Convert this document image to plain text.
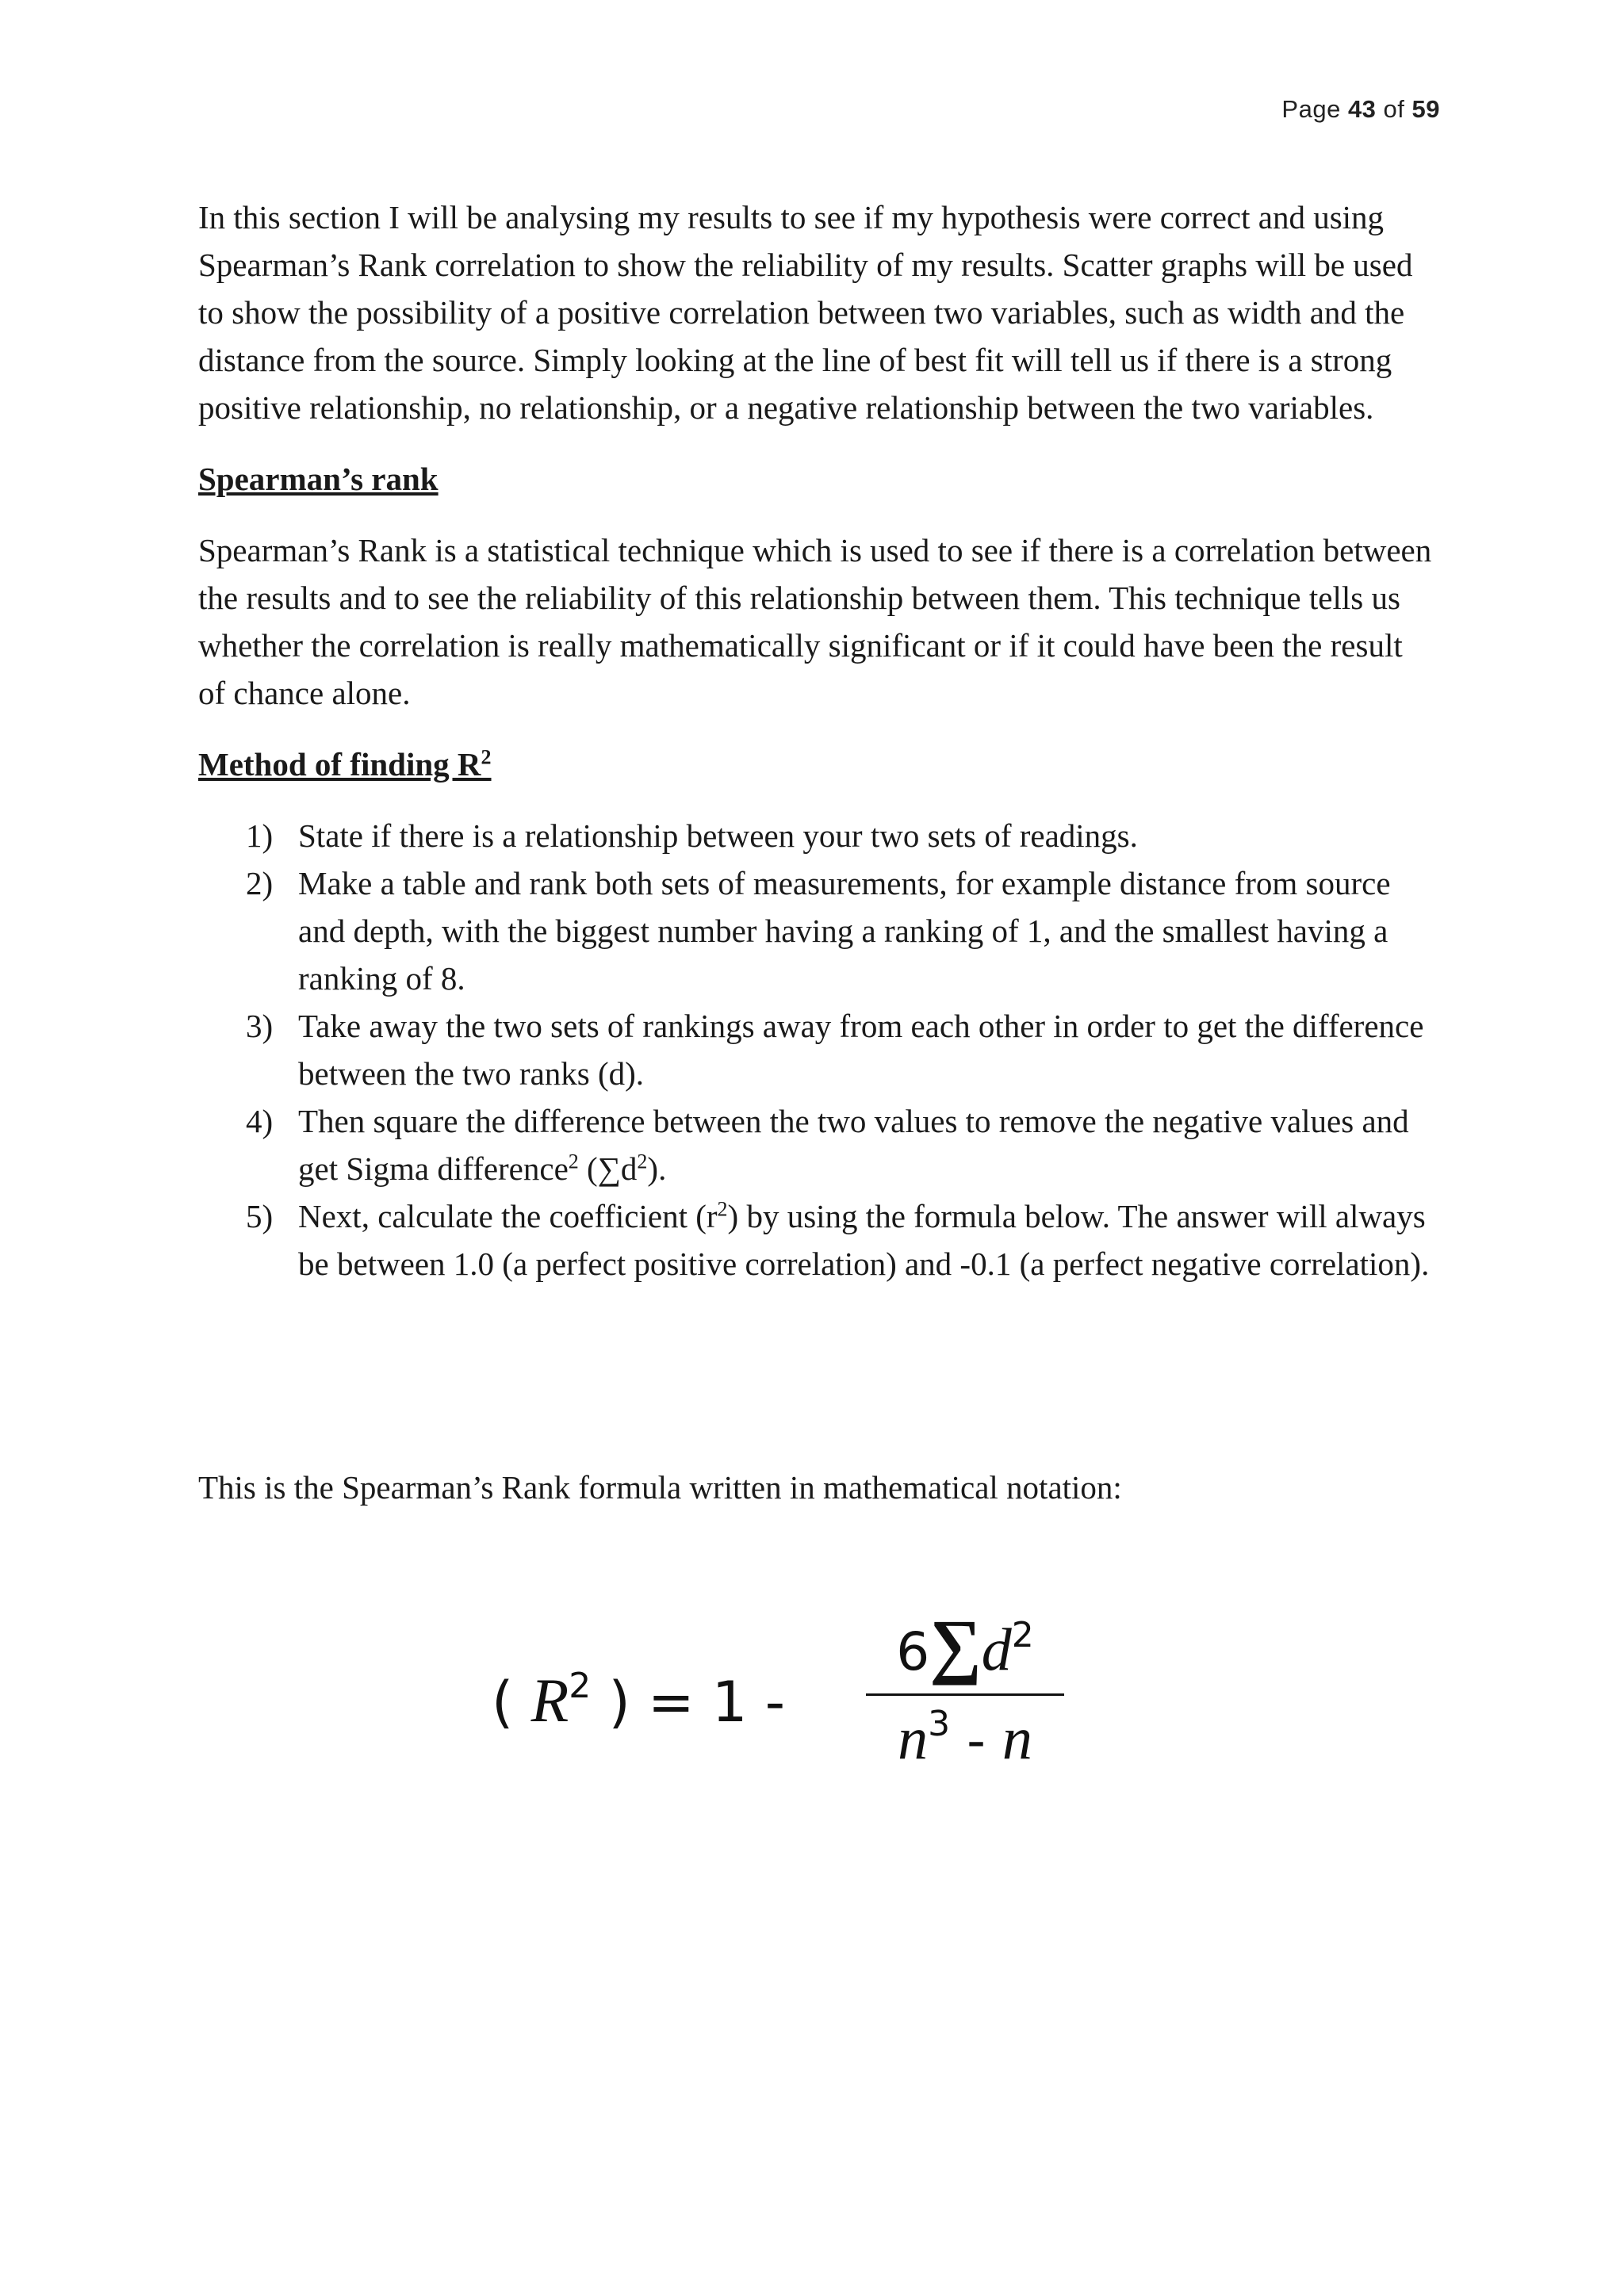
Page 43 of 59

In this section I will be analysing my results to see if my hypothesis were correct and using Spearman’s Rank correlation to show the reliability of my results. Scatter graphs will be used to show the possibility of a positive correlation between two variables, such as width and the distance from the source. Simply looking at the line of best fit will tell us if there is a strong positive relationship, no relationship, or a negative relationship between the two variables.

Spearman’s rank

Spearman’s Rank is a statistical technique which is used to see if there is a correlation between the results and to see the reliability of this relationship between them. This technique tells us whether the correlation is really mathematically significant or if it could have been the result of chance alone.

Method of finding $R^2$
1) State if there is a relationship between your two sets of readings.
2) Make a table and rank both sets of measurements, for example distance from source and depth, with the biggest number having a ranking of 1, and the smallest having a ranking of 8.
3) Take away the two sets of rankings away from each other in order to get the difference between the two ranks (d).
4) Then square the difference between the two values to remove the negative values and get Sigma difference$^2$ $(\sum d^2)$.
5) Next, calculate the coefficient $(r^2)$ by using the formula below. The answer will always be between 1.0 (a perfect positive correlation) and -0.1 (a perfect negative correlation).
This is the Spearman’s Rank formula written in mathematical notation:
( $R^2$ ) = 1 -
$6\sum d^2$
$n^3$ - n
